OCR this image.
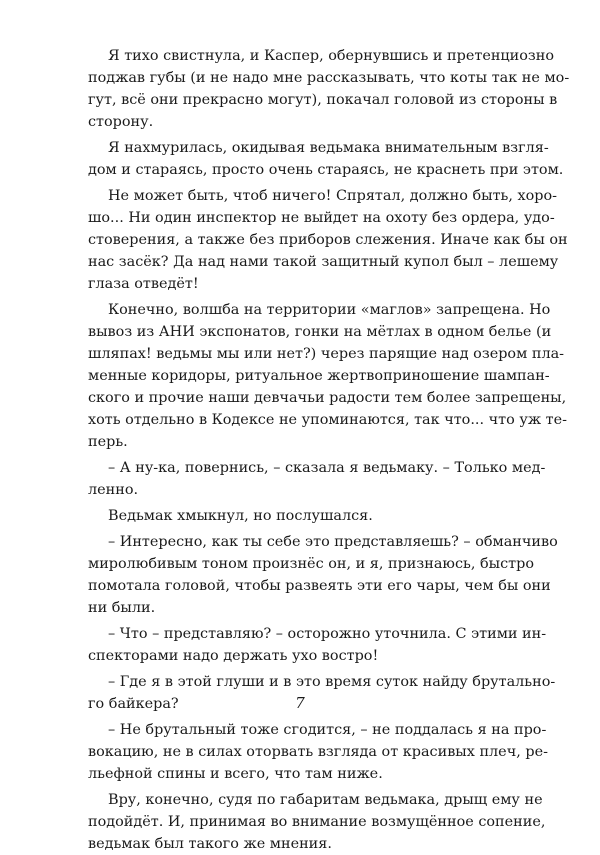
Я тихо свистнула, и Каспер, обернувшись и претенциозно
поджав губы (и не надо мне рассказывать, что коты так не мо-
гут, всё они прекрасно могут), покачал головой из стороны в
сторону.
Я нахмурилась, окидывая ведьмака внимательным взгля-
дом и стараясь, просто очень стараясь, не краснеть при этом.
Не может быть, чтоб ничего! Спрятал, должно быть, хоро-
шо... Ни один инспектор не выйдет на охоту без ордера, удо-
стоверения, а также без приборов слежения. Иначе как бы он
нас засёк? Да над нами такой защитный купол был – лешему
глаза отведёт!
Конечно, волшба на территории «маглов» запрещена. Но
вывоз из АНИ экспонатов, гонки на мётлах в одном белье (и
шляпах! ведьмы мы или нет?) через парящие над озером пла-
менные коридоры, ритуальное жертвоприношение шампан-
ского и прочие наши девчачьи радости тем более запрещены,
хоть отдельно в Кодексе не упоминаются, так что... что уж те-
перь.
– А ну-ка, повернись, – сказала я ведьмаку. – Только мед-
ленно.
Ведьмак хмыкнул, но послушался.
– Интересно, как ты себе это представляешь? – обманчиво
миролюбивым тоном произнёс он, и я, признаюсь, быстро
помотала головой, чтобы развеять эти его чары, чем бы они
ни были.
– Что – представляю? – осторожно уточнила. С этими ин-
спекторами надо держать ухо востро!
– Где я в этой глуши и в это время суток найду брутально-
го байкера?
– Не брутальный тоже сгодится, – не поддалась я на про-
вокацию, не в силах оторвать взгляда от красивых плеч, ре-
льефной спины и всего, что там ниже.
Вру, конечно, судя по габаритам ведьмака, дрыщ ему не
подойдёт. И, принимая во внимание возмущённое сопение,
ведьмак был такого же мнения.
7
